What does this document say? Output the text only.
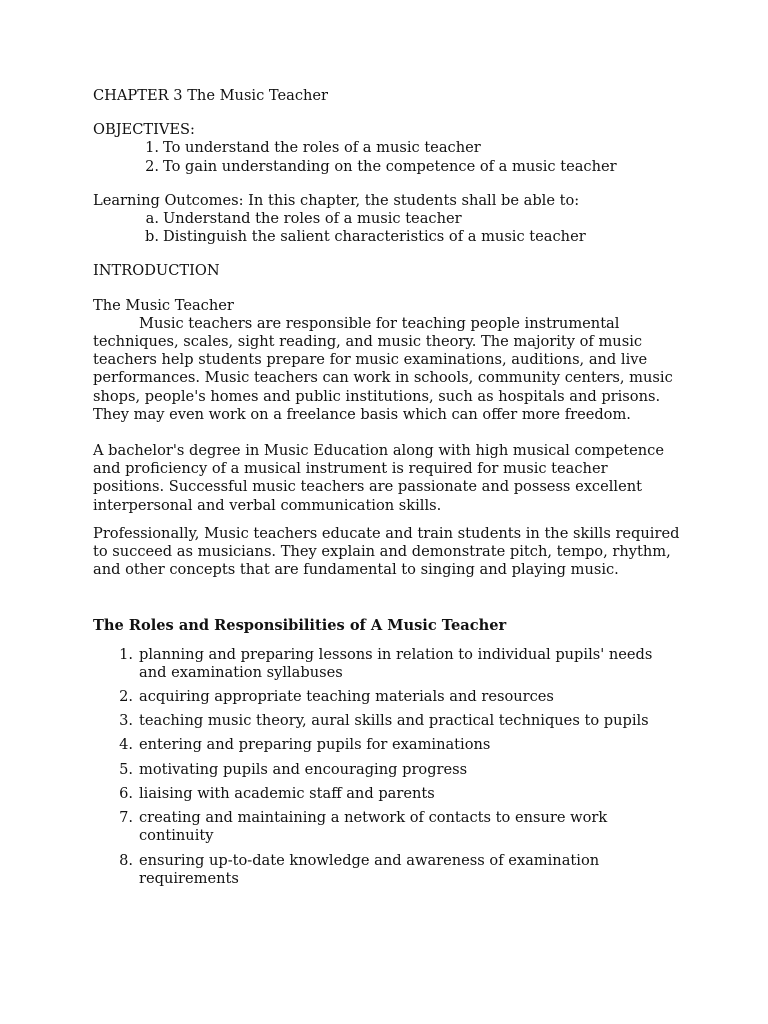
CHAPTER 3 The Music Teacher

OBJECTIVES:

1. To understand the roles of a music teacher
2. To gain understanding on the competence of a music teacher

Learning Outcomes: In this chapter, the students shall be able to:

a. Understand the roles of a music teacher
b. Distinguish the salient characteristics of a music teacher

INTRODUCTION

The Music Teacher

Music teachers are responsible for teaching people instrumental techniques, scales, sight reading, and music theory. The majority of music teachers help students prepare for music examinations, auditions, and live performances. Music teachers can work in schools, community centers, music shops, people's homes and public institutions, such as hospitals and prisons. They may even work on a freelance basis which can offer more freedom.

A bachelor's degree in Music Education along with high musical competence and proficiency of a musical instrument is required for music teacher positions. Successful music teachers are passionate and possess excellent interpersonal and verbal communication skills.

Professionally, Music teachers educate and train students in the skills required to succeed as musicians. They explain and demonstrate pitch, tempo, rhythm, and other concepts that are fundamental to singing and playing music.

The Roles and Responsibilities of A Music Teacher

1. planning and preparing lessons in relation to individual pupils' needs and examination syllabuses
2. acquiring appropriate teaching materials and resources
3. teaching music theory, aural skills and practical techniques to pupils
4. entering and preparing pupils for examinations
5. motivating pupils and encouraging progress
6. liaising with academic staff and parents
7. creating and maintaining a network of contacts to ensure work continuity
8. ensuring up-to-date knowledge and awareness of examination requirements
